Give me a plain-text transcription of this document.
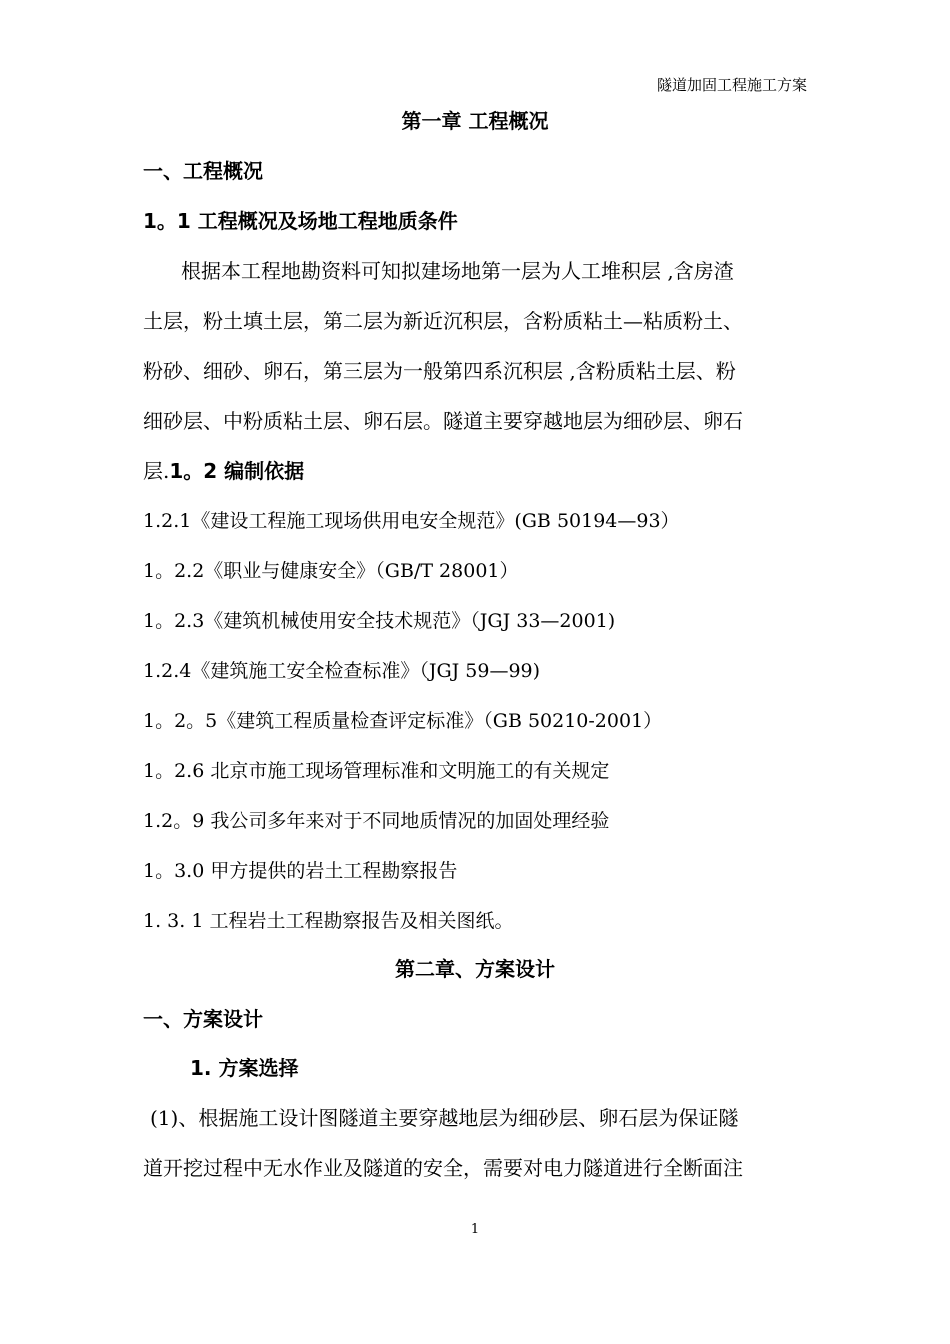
隧道加固工程施工方案
第一章 工程概况
一、工程概况
1。1 工程概况及场地工程地质条件
根据本工程地勘资料可知拟建场地第一层为人工堆积层 ,含房渣
土层，粉土填土层，第二层为新近沉积层，含粉质粘土—粘质粉土、
粉砂、细砂、卵石，第三层为一般第四系沉积层 ,含粉质粘土层、粉
细砂层、中粉质粘土层、卵石层。隧道主要穿越地层为细砂层、卵石
层.1。2 编制依据
1.2.1《建设工程施工现场供用电安全规范》(GB 50194—93）
1。2.2《职业与健康安全》（GB/T 28001）
1。2.3《建筑机械使用安全技术规范》（JGJ 33—2001)
1.2.4《建筑施工安全检查标准》（JGJ 59—99)
1。2。5《建筑工程质量检查评定标准》（GB 50210-2001）
1。2.6 北京市施工现场管理标准和文明施工的有关规定
1.2。9 我公司多年来对于不同地质情况的加固处理经验
1。3.0 甲方提供的岩土工程勘察报告
1. 3. 1 工程岩土工程勘察报告及相关图纸。
第二章、方案设计
一、方案设计
1. 方案选择
(1)、根据施工设计图隧道主要穿越地层为细砂层、卵石层为保证隧
道开挖过程中无水作业及隧道的安全，需要对电力隧道进行全断面注
1
